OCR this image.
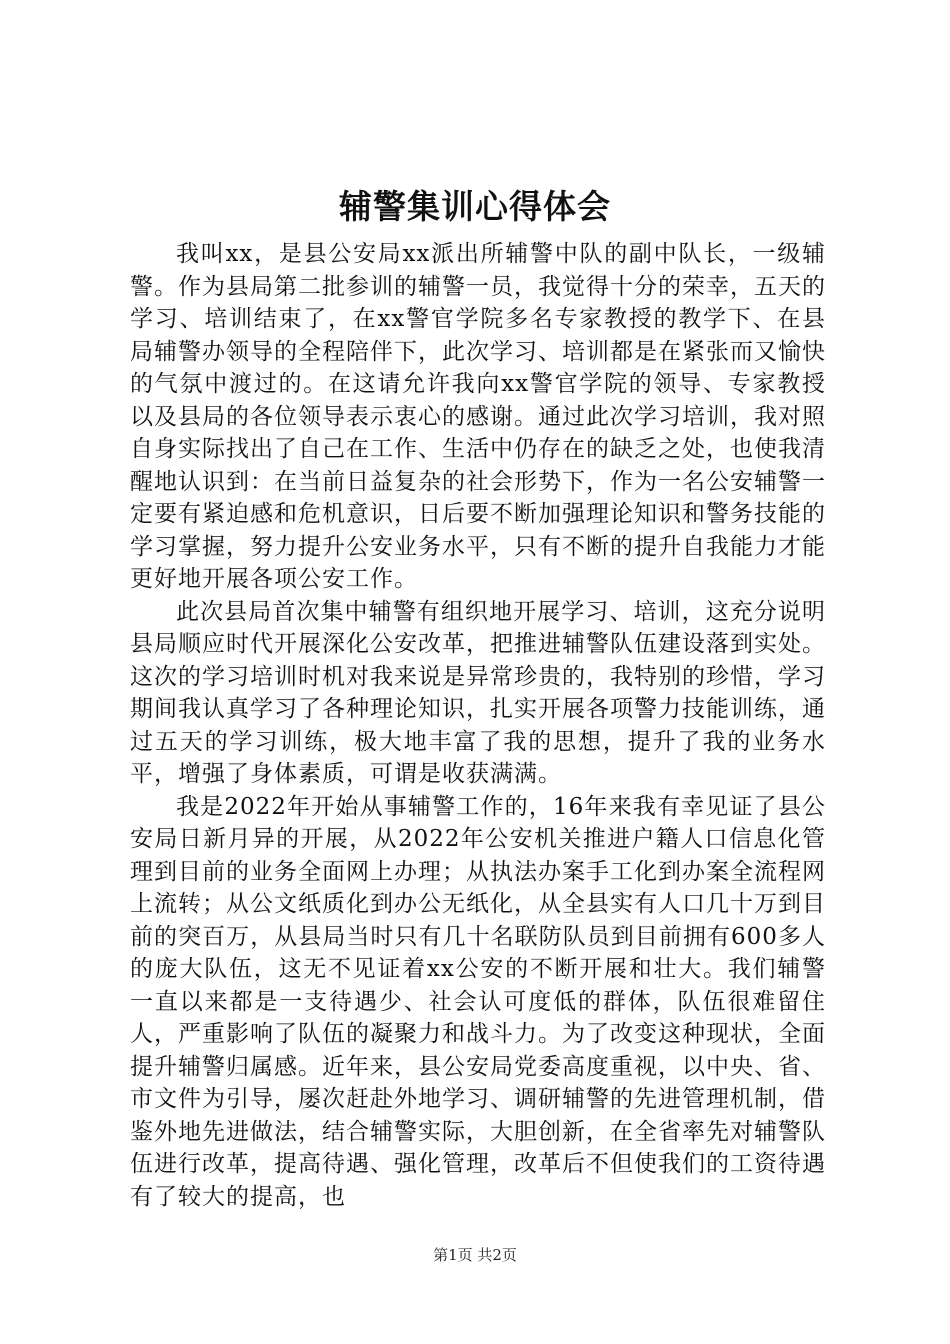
辅警集训心得体会

我叫xx，是县公安局xx派出所辅警中队的副中队长，一级辅警。作为县局第二批参训的辅警一员，我觉得十分的荣幸，五天的学习、培训结束了，在xx警官学院多名专家教授的教学下、在县局辅警办领导的全程陪伴下，此次学习、培训都是在紧张而又愉快的气氛中渡过的。在这请允许我向xx警官学院的领导、专家教授以及县局的各位领导表示衷心的感谢。通过此次学习培训，我对照自身实际找出了自己在工作、生活中仍存在的缺乏之处，也使我清醒地认识到：在当前日益复杂的社会形势下，作为一名公安辅警一定要有紧迫感和危机意识，日后要不断加强理论知识和警务技能的学习掌握，努力提升公安业务水平，只有不断的提升自我能力才能更好地开展各项公安工作。

此次县局首次集中辅警有组织地开展学习、培训，这充分说明县局顺应时代开展深化公安改革，把推进辅警队伍建设落到实处。这次的学习培训时机对我来说是异常珍贵的，我特别的珍惜，学习期间我认真学习了各种理论知识，扎实开展各项警力技能训练，通过五天的学习训练，极大地丰富了我的思想，提升了我的业务水平，增强了身体素质，可谓是收获满满。

我是2022年开始从事辅警工作的，16年来我有幸见证了县公安局日新月异的开展，从2022年公安机关推进户籍人口信息化管理到目前的业务全面网上办理；从执法办案手工化到办案全流程网上流转；从公文纸质化到办公无纸化，从全县实有人口几十万到目前的突百万，从县局当时只有几十名联防队员到目前拥有600多人的庞大队伍，这无不见证着xx公安的不断开展和壮大。我们辅警一直以来都是一支待遇少、社会认可度低的群体，队伍很难留住人，严重影响了队伍的凝聚力和战斗力。为了改变这种现状，全面提升辅警归属感。近年来，县公安局党委高度重视，以中央、省、市文件为引导，屡次赶赴外地学习、调研辅警的先进管理机制，借鉴外地先进做法，结合辅警实际，大胆创新，在全省率先对辅警队伍进行改革，提高待遇、强化管理，改革后不但使我们的工资待遇有了较大的提高，也

第1页 共2页
